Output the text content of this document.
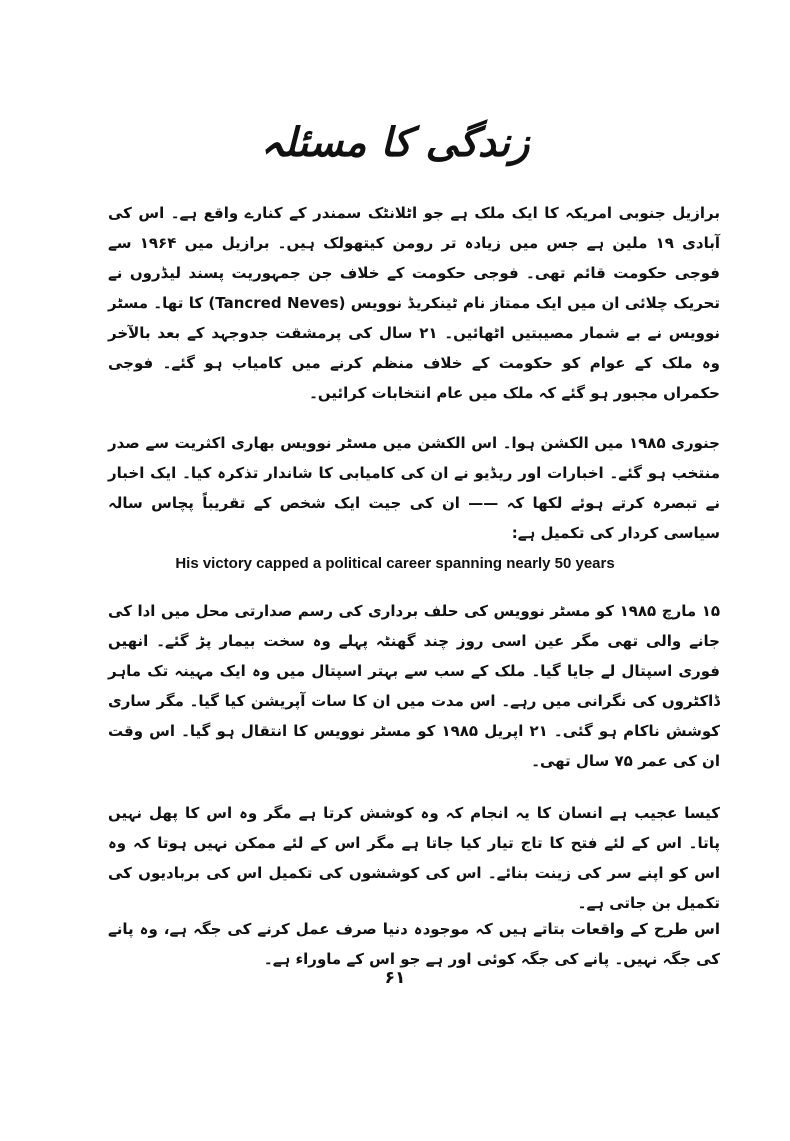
زندگی کا مسئلہ

برازیل جنوبی امریکہ کا ایک ملک ہے جو اٹلانٹک سمندر کے کنارے واقع ہے۔ اس کی آبادی ۱۹ ملین ہے جس میں زیادہ تر رومن کیتھولک ہیں۔ برازیل میں ۱۹۶۴ سے فوجی حکومت قائم تھی۔ فوجی حکومت کے خلاف جن جمہوریت پسند لیڈروں نے تحریک چلائی ان میں ایک ممتاز نام ٹینکریڈ نوویس (Tancred Neves) کا تھا۔ مسٹر نوویس نے بے شمار مصیبتیں اٹھائیں۔ ۲۱ سال کی پرمشقت جدوجہد کے بعد بالآخر وہ ملک کے عوام کو حکومت کے خلاف منظم کرنے میں کامیاب ہو گئے۔ فوجی حکمراں مجبور ہو گئے کہ ملک میں عام انتخابات کرائیں۔

جنوری ۱۹۸۵ میں الکشن ہوا۔ اس الکشن میں مسٹر نوویس بھاری اکثریت سے صدر منتخب ہو گئے۔ اخبارات اور ریڈیو نے ان کی کامیابی کا شاندار تذکرہ کیا۔ ایک اخبار نے تبصرہ کرتے ہوئے لکھا کہ —— ان کی جیت ایک شخص کے تقریباً پچاس سالہ سیاسی کردار کی تکمیل ہے:

His victory capped a political career spanning nearly 50 years

۱۵ مارچ ۱۹۸۵ کو مسٹر نوویس کی حلف برداری کی رسم صدارتی محل میں ادا کی جانے والی تھی مگر عین اسی روز چند گھنٹہ پہلے وہ سخت بیمار پڑ گئے۔ انھیں فوری اسپتال لے جایا گیا۔ ملک کے سب سے بہتر اسپتال میں وہ ایک مہینہ تک ماہر ڈاکٹروں کی نگرانی میں رہے۔ اس مدت میں ان کا سات آپریشن کیا گیا۔ مگر ساری کوشش ناکام ہو گئی۔ ۲۱ اپریل ۱۹۸۵ کو مسٹر نوویس کا انتقال ہو گیا۔ اس وقت ان کی عمر ۷۵ سال تھی۔

کیسا عجیب ہے انسان کا یہ انجام کہ وہ کوشش کرتا ہے مگر وہ اس کا پھل نہیں پاتا۔ اس کے لئے فتح کا تاج تیار کیا جاتا ہے مگر اس کے لئے ممکن نہیں ہوتا کہ وہ اس کو اپنے سر کی زینت بنائے۔ اس کی کوششوں کی تکمیل اس کی بربادیوں کی تکمیل بن جاتی ہے۔

اس طرح کے واقعات بتاتے ہیں کہ موجودہ دنیا صرف عمل کرنے کی جگہ ہے، وہ پانے کی جگہ نہیں۔ پانے کی جگہ کوئی اور ہے جو اس کے ماوراء ہے۔

۶۱
